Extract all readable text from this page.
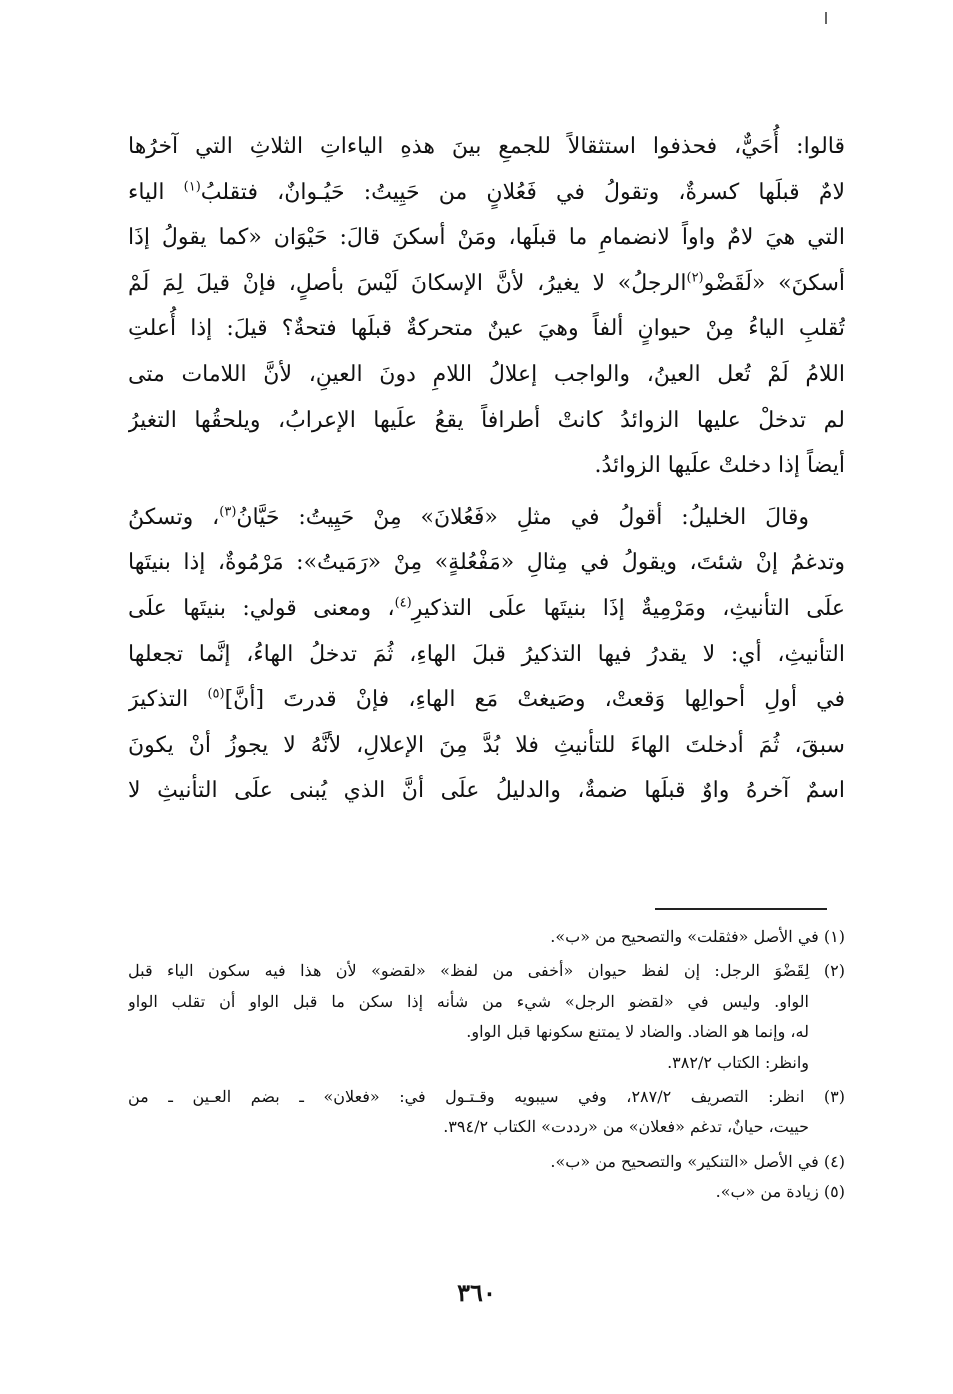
قالوا: أُحَيٌّ، فحذفوا استثقالاً للجمعِ بينَ هذهِ الياءاتِ الثلاثِ التي آخرُها
لامٌ قبلَها كسرةٌ، وتقولُ في فَعُلانٍ من حَيِيتُ: حَيُـوانٌ، فتقلبُ$^{(١)}$ الياء
التي هيَ لامٌ واواً لانضمامِ ما قبلَها، ومَنْ أسكنَ قالَ: حَيْوَان «كما يقولُ إذَا
أسكنَ» «لَقَضْو$^{(٢)}$الرجلُ» لا يغيرُ، لأنَّ الإسكانَ لَيْسَ بأصلٍ، فإنْ قيلَ لِمَ لَمْ
تُقلبِ الياءُ مِنْ حيوانٍ ألفاً وهيَ عينٌ متحركةٌ قبلَها فتحةٌ؟ قيلَ: إذا أُعلتِ
اللامُ لَمْ تُعل العينُ، والواجب إعلالُ اللامِ دونَ العينِ، لأنَّ اللامات متى
لم تدخلْ عليها الزوائدُ كانتْ أطرافاً يقعُ علَيها الإعرابُ، ويلحقُها التغيرُ
أيضاً إذا دخلتْ علَيها الزوائدُ.

وقالَ الخليلُ: أقولُ في مثلِ «فَعُلانَ» مِنْ حَيِيتُ: حَيَّانُ$^{(٣)}$، وتسكنُ
وتدغمُ إنْ شئتَ، ويقولُ في مِثالِ «مَفْعُلةٍ» مِنْ «رَمَيتُ»: مَرْمُوةٌ، إذا بنيتَها
علَى التأنيثِ، ومَرْمِيةٌ إذَا بنيتَها علَى التذكيرِ$^{(٤)}$، ومعنى قولي: بنيتَها علَى
التأنيثِ، أي: لا يقدرُ فيها التذكيرُ قبلَ الهاءِ، ثُمَ تدخلُ الهاءُ، إنَّما تجعلها
في أولِ أحوالِها وَقعتْ، وصَيغتْ مَع الهاءِ، فإنْ قدرتَ [أنَّ]$^{(٥)}$ التذكيرَ
سبقَ، ثُمَ أدخلتَ الهاءَ للتأنيثِ فلا بُدَّ مِنَ الإعلالِ، لأنَّهُ لا يجوزُ أنْ يكونَ
اسمٌ آخرهُ واوٌ قبلَها ضمةٌ، والدليلُ علَى أنَّ الذي يُبنى علَى التأنيثِ لا

(١) في الأصل «فثقلت» والتصحيح من «ب».
(٢) لِقَضْوَ الرجل: إن لفظ حيوان «أخفى من لفظ» «لقضو» لأن هذا فيه سكون الياء قبل
الواو. وليس في «لقضو الرجل» شيء من شأنه إذا سكن ما قبل الواو أن تقلب الواو
له، وإنما هو الضاد. والضاد لا يمتنع سكونها قبل الواو.
وانظر: الكتاب ٣٨٢/٢.
(٣) انظر: التصريف ٢٨٧/٢، وفي سيبويه وقـتـول في: «فعلان» ـ بضم العـين ـ من
حييت، حيانٌ، تدغم «فعلان» من «رددت» الكتاب ٣٩٤/٢.
(٤) في الأصل «التنكير» والتصحيح من «ب».
(٥) زيادة من «ب».
٣٦٠
